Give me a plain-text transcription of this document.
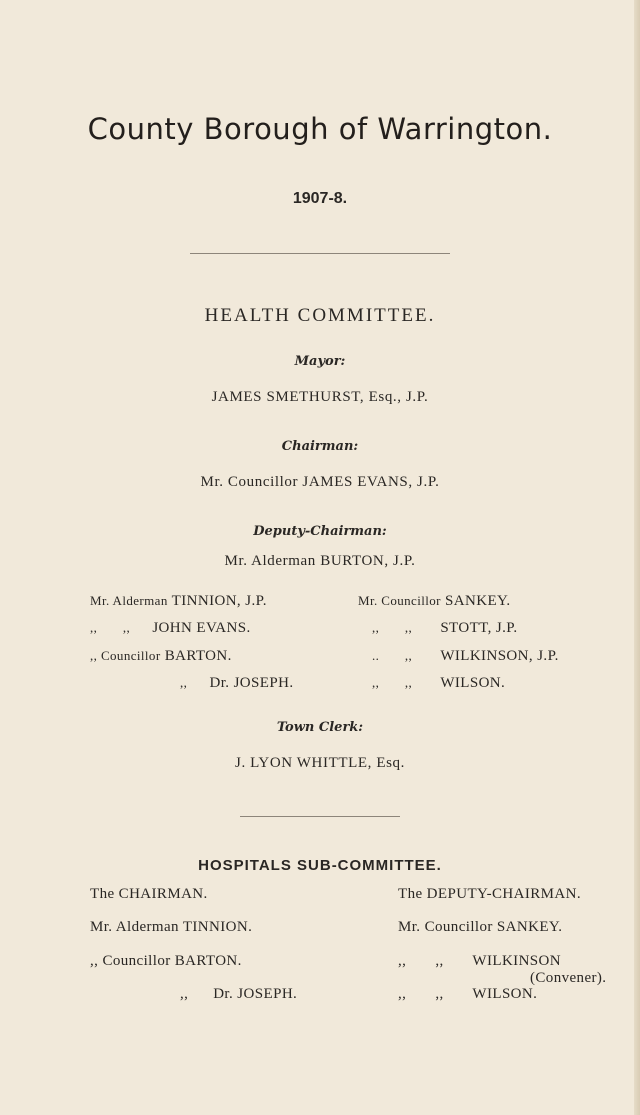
County Borough of Warrington.
1907-8.
HEALTH COMMITTEE.
Mayor:
JAMES SMETHURST, Esq., J.P.
Chairman:
Mr. Councillor JAMES EVANS, J.P.
Deputy-Chairman:
Mr. Alderman BURTON, J.P.
Mr. Alderman TINNION, J.P.
,,       ,, JOHN EVANS.
,, Councillor BARTON.
,, Dr. JOSEPH.
Mr. Councillor SANKEY.
,,       ,, STOTT, J.P.
..       ,, WILKINSON, J.P.
,,       ,, WILSON.
Town Clerk:
J. LYON WHITTLE, Esq.
HOSPITALS SUB-COMMITTEE.
The CHAIRMAN.
Mr. Alderman TINNION.
,, Councillor BARTON.
,,      Dr. JOSEPH.
The DEPUTY-CHAIRMAN.
Mr. Councillor SANKEY.
,,       ,,       WILKINSON
(Convener).
,,       ,,       WILSON.
